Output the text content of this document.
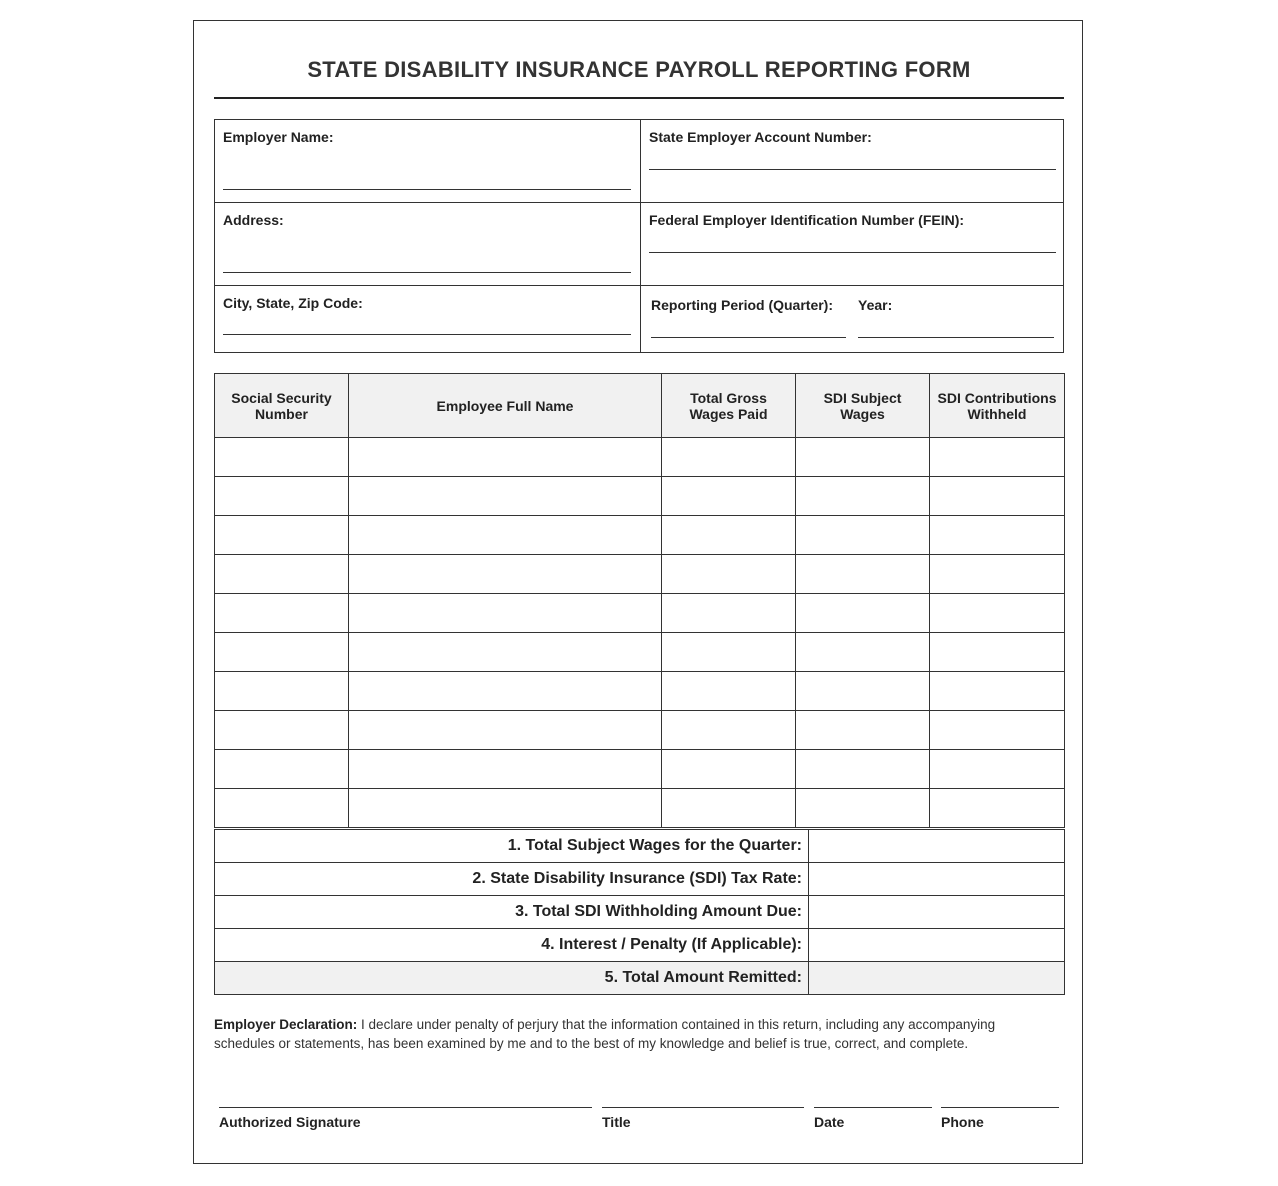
STATE DISABILITY INSURANCE PAYROLL REPORTING FORM
Employer Name:	State Employer Account Number:
Address:	Federal Employer Identification Number (FEIN):
City, State, Zip Code:	Reporting Period (Quarter): Year:
Social Security Number	Employee Full Name	Total Gross Wages Paid	SDI Subject Wages	SDI Contributions Withheld

1. Total Subject Wages for the Quarter:	
2. State Disability Insurance (SDI) Tax Rate:	
3. Total SDI Withholding Amount Due:	
4. Interest / Penalty (If Applicable):	
5. Total Amount Remitted:	
Employer Declaration: I declare under penalty of perjury that the information contained in this return, including any accompanying schedules or statements, has been examined by me and to the best of my knowledge and belief is true, correct, and complete.
Authorized Signature	Title	Date	Phone
